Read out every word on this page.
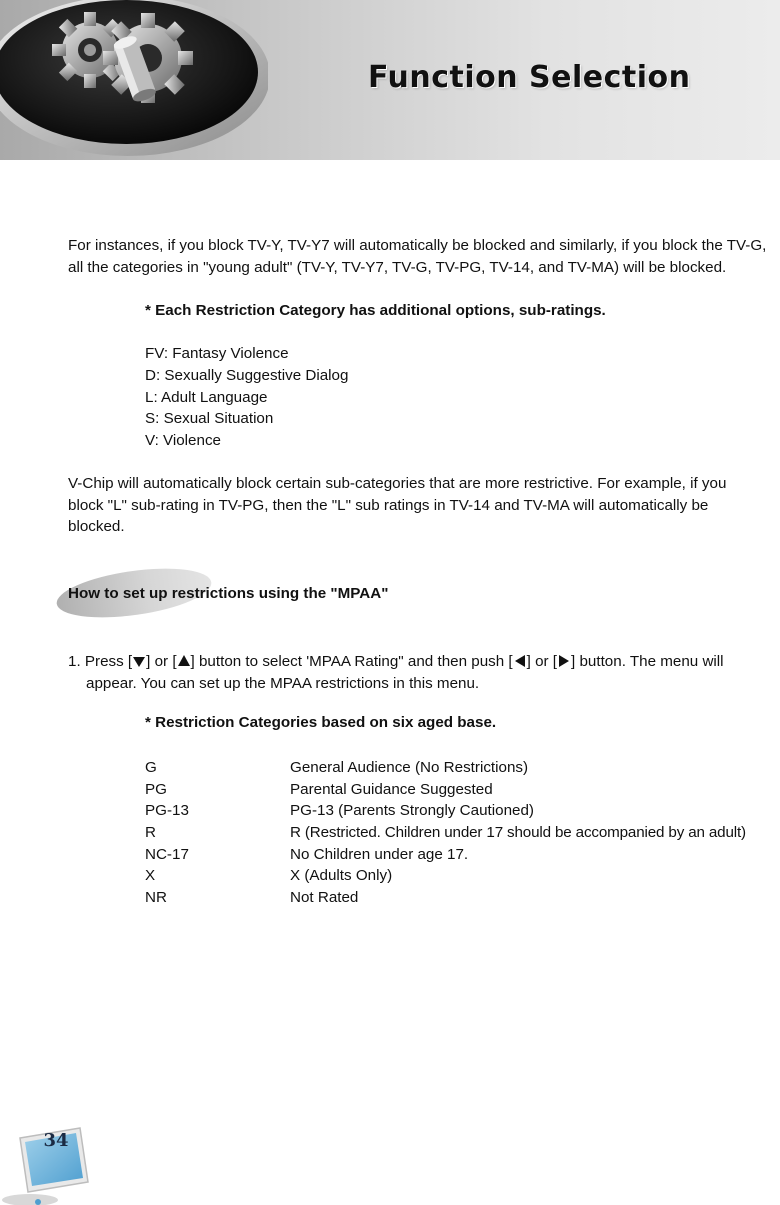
Function Selection
For instances, if you block TV-Y, TV-Y7 will automatically be blocked and similarly, if you block the TV-G, all the categories in "young adult" (TV-Y, TV-Y7, TV-G, TV-PG, TV-14, and TV-MA) will be blocked.
* Each Restriction Category has additional options, sub-ratings.
FV: Fantasy Violence
D: Sexually Suggestive Dialog
L: Adult Language
S: Sexual Situation
V: Violence
V-Chip will automatically block certain sub-categories that are more restrictive. For example, if you block "L" sub-rating in TV-PG, then the "L" sub ratings in TV-14 and TV-MA will automatically be blocked.
How to set up restrictions using the "MPAA"
1. Press [ ] or [ ] button to select 'MPAA Rating" and then push [ ] or [ ] button. The menu will
appear. You can set up the MPAA restrictions in this menu.
* Restriction Categories based on six aged base.
G	General Audience (No Restrictions)
PG	Parental Guidance Suggested
PG-13	PG-13 (Parents Strongly Cautioned)
R	R (Restricted. Children under 17 should be accompanied by an adult)
NC-17	No Children under age 17.
X	X (Adults Only)
NR	Not Rated
34
